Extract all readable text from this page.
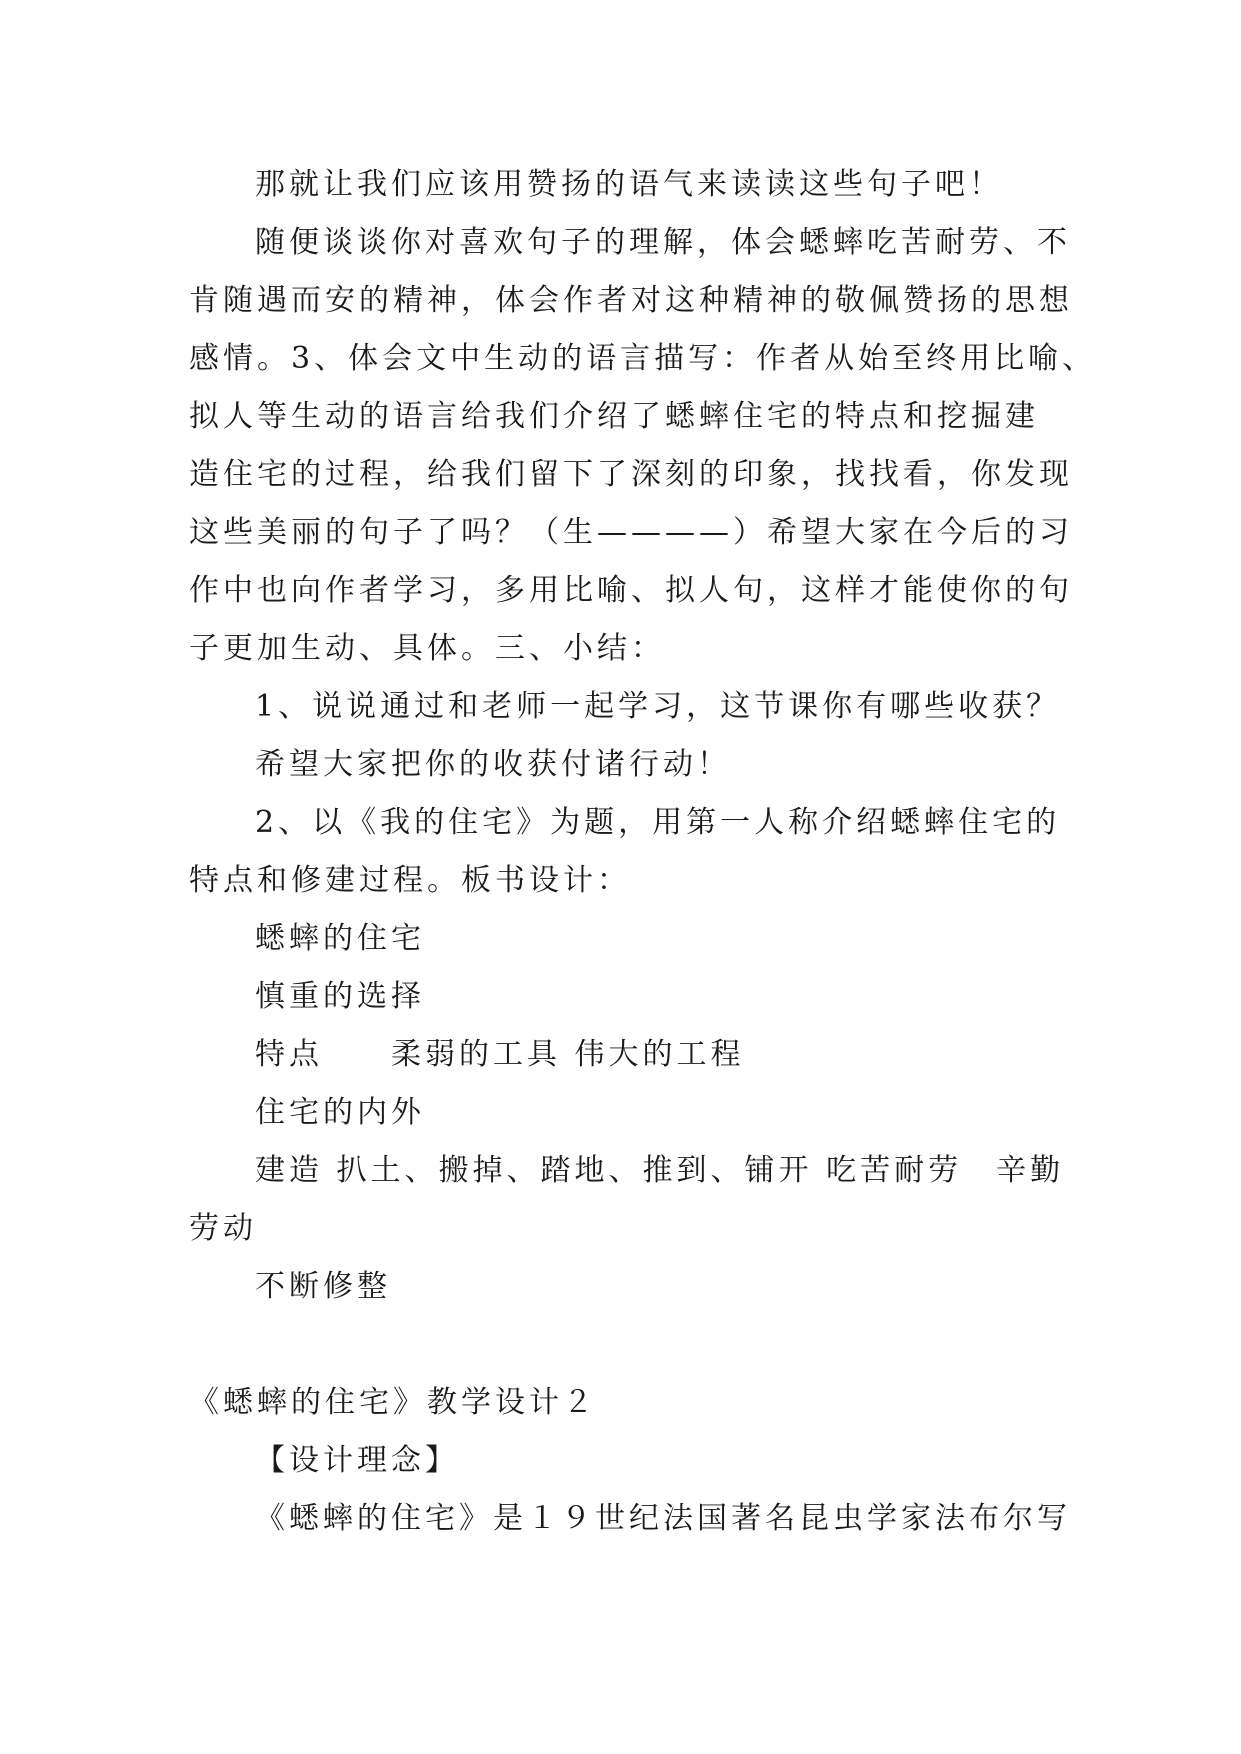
那就让我们应该用赞扬的语气来读读这些句子吧！
随便谈谈你对喜欢句子的理解，体会蟋蟀吃苦耐劳、不
肯随遇而安的精神，体会作者对这种精神的敬佩赞扬的思想
感情。3、体会文中生动的语言描写：作者从始至终用比喻、
拟人等生动的语言给我们介绍了蟋蟀住宅的特点和挖掘建
造住宅的过程，给我们留下了深刻的印象，找找看，你发现
这些美丽的句子了吗？（生————）希望大家在今后的习
作中也向作者学习，多用比喻、拟人句，这样才能使你的句
子更加生动、具体。三、小结：
1、说说通过和老师一起学习，这节课你有哪些收获？
希望大家把你的收获付诸行动！
2、以《我的住宅》为题，用第一人称介绍蟋蟀住宅的
特点和修建过程。板书设计：
蟋蟀的住宅
慎重的选择
特点　　柔弱的工具 伟大的工程
住宅的内外
建造 扒土、搬掉、踏地、推到、铺开 吃苦耐劳　辛勤
劳动
不断修整
《蟋蟀的住宅》教学设计２
【设计理念】
《蟋蟀的住宅》是１９世纪法国著名昆虫学家法布尔写
